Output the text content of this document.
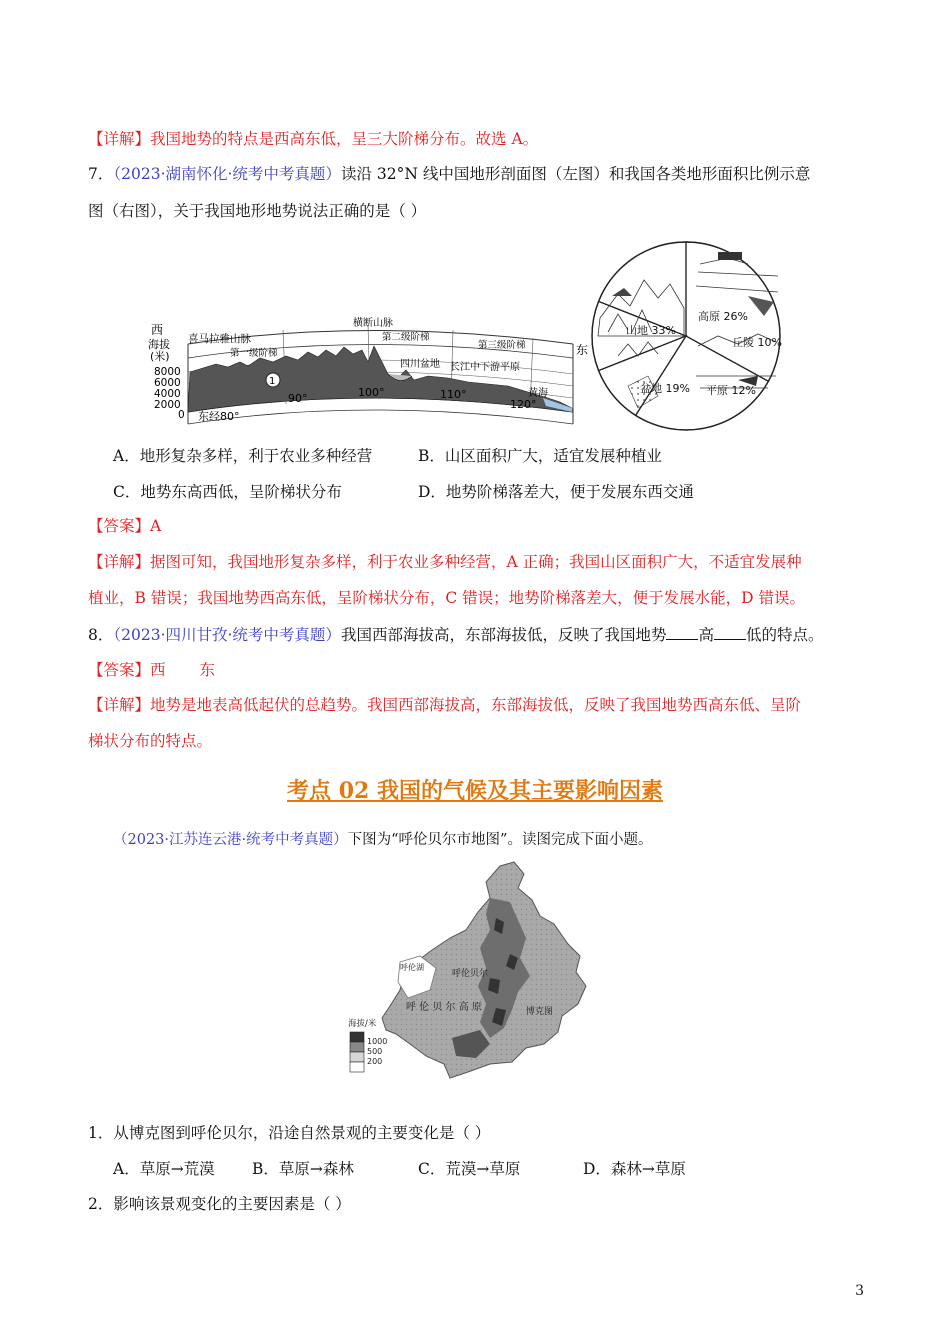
【详解】我国地势的特点是西高东低，呈三大阶梯分布。故选 A。
7．（2023·湖南怀化·统考中考真题）读沿 32°N 线中国地形剖面图（左图）和我国各类地形面积比例示意
图（右图），关于我国地形地势说法正确的是（ ）
西
海拔
(米)
8000
6000
4000
2000
0
喜马拉雅山脉
横断山脉
第一级阶梯
第二级阶梯
第三级阶梯
四川盆地 长江中下游平原
黄海
1
东经80°
90°	100°	110°
120°
东
山地 33%
高原 26%
丘陵 10%
平原 12%
盆地 19%
A．地形复杂多样，利于农业多种经营	B．山区面积广大，适宜发展种植业
C．地势东高西低，呈阶梯状分布	D．地势阶梯落差大，便于发展东西交通
【答案】A
【详解】据图可知，我国地形复杂多样，利于农业多种经营，A 正确；我国山区面积广大，不适宜发展种
植业，B 错误；我国地势西高东低，呈阶梯状分布，C 错误；地势阶梯落差大，便于发展水能，D 错误。
8．（2023·四川甘孜·统考中考真题）我国西部海拔高，东部海拔低，反映了我国地势 高 低的特点。
【答案】西 东
【详解】地势是地表高低起伏的总趋势。我国西部海拔高，东部海拔低，反映了我国地势西高东低、呈阶
梯状分布的特点。
考点 02 我国的气候及其主要影响因素
（2023·江苏连云港·统考中考真题）下图为“呼伦贝尔市地图”。读图完成下面小题。
呼伦湖
呼伦贝尔
呼 伦 贝 尔 高 原	博克图
海拔/米
1000
500
200
1．从博克图到呼伦贝尔，沿途自然景观的主要变化是（ ）
A．草原→荒漠 B．草原→森林	C．荒漠→草原	D．森林→草原
2．影响该景观变化的主要因素是（ ）
3
